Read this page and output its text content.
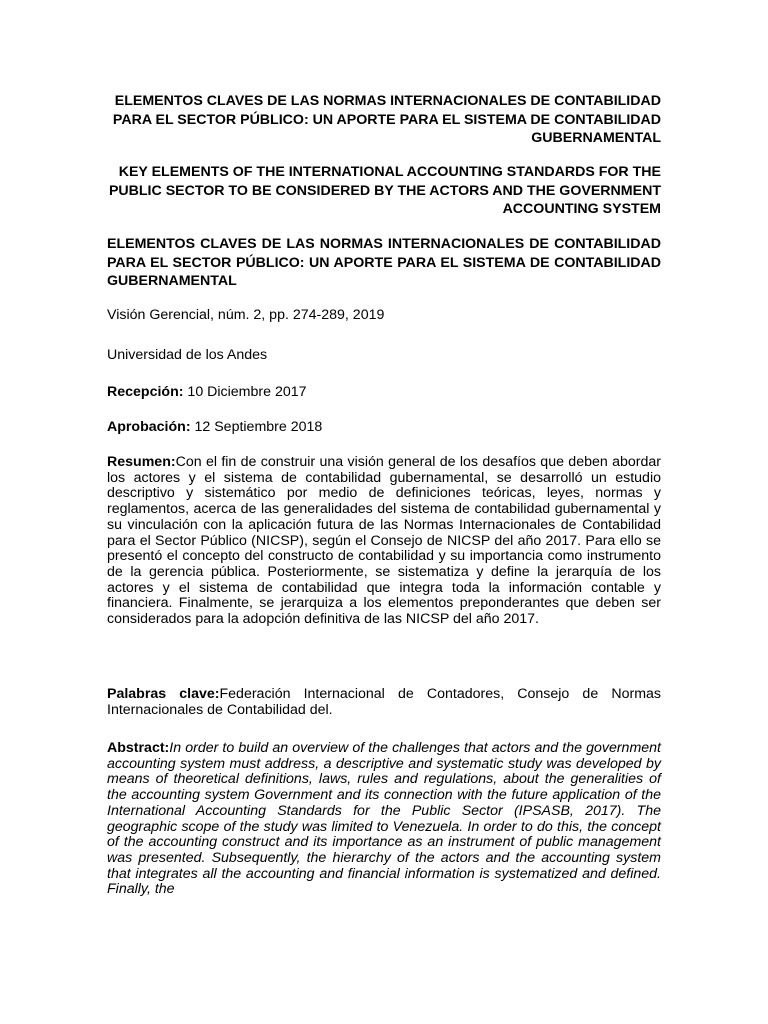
ELEMENTOS CLAVES DE LAS NORMAS INTERNACIONALES DE CONTABILIDAD PARA EL SECTOR PÚBLICO: UN APORTE PARA EL SISTEMA DE CONTABILIDAD GUBERNAMENTAL
KEY ELEMENTS OF THE INTERNATIONAL ACCOUNTING STANDARDS FOR THE PUBLIC SECTOR TO BE CONSIDERED BY THE ACTORS AND THE GOVERNMENT ACCOUNTING SYSTEM
ELEMENTOS CLAVES DE LAS NORMAS INTERNACIONALES DE CONTABILIDAD PARA EL SECTOR PÚBLICO: UN APORTE PARA EL SISTEMA DE CONTABILIDAD GUBERNAMENTAL
Visión Gerencial, núm. 2, pp. 274-289, 2019
Universidad de los Andes
Recepción: 10 Diciembre 2017
Aprobación: 12 Septiembre 2018
Resumen:Con el fin de construir una visión general de los desafíos que deben abordar los actores y el sistema de contabilidad gubernamental, se desarrolló un estudio descriptivo y sistemático por medio de definiciones teóricas, leyes, normas y reglamentos, acerca de las generalidades del sistema de contabilidad gubernamental y su vinculación con la aplicación futura de las Normas Internacionales de Contabilidad para el Sector Público (NICSP), según el Consejo de NICSP del año 2017. Para ello se presentó el concepto del constructo de contabilidad y su importancia como instrumento de la gerencia pública. Posteriormente, se sistematiza y define la jerarquía de los actores y el sistema de contabilidad que integra toda la información contable y financiera. Finalmente, se jerarquiza a los elementos preponderantes que deben ser considerados para la adopción definitiva de las NICSP del año 2017.
Palabras clave:Federación Internacional de Contadores, Consejo de Normas Internacionales de Contabilidad del.
Abstract:In order to build an overview of the challenges that actors and the government accounting system must address, a descriptive and systematic study was developed by means of theoretical definitions, laws, rules and regulations, about the generalities of the accounting system Government and its connection with the future application of the International Accounting Standards for the Public Sector (IPSASB, 2017). The geographic scope of the study was limited to Venezuela. In order to do this, the concept of the accounting construct and its importance as an instrument of public management was presented. Subsequently, the hierarchy of the actors and the accounting system that integrates all the accounting and financial information is systematized and defined. Finally, the
